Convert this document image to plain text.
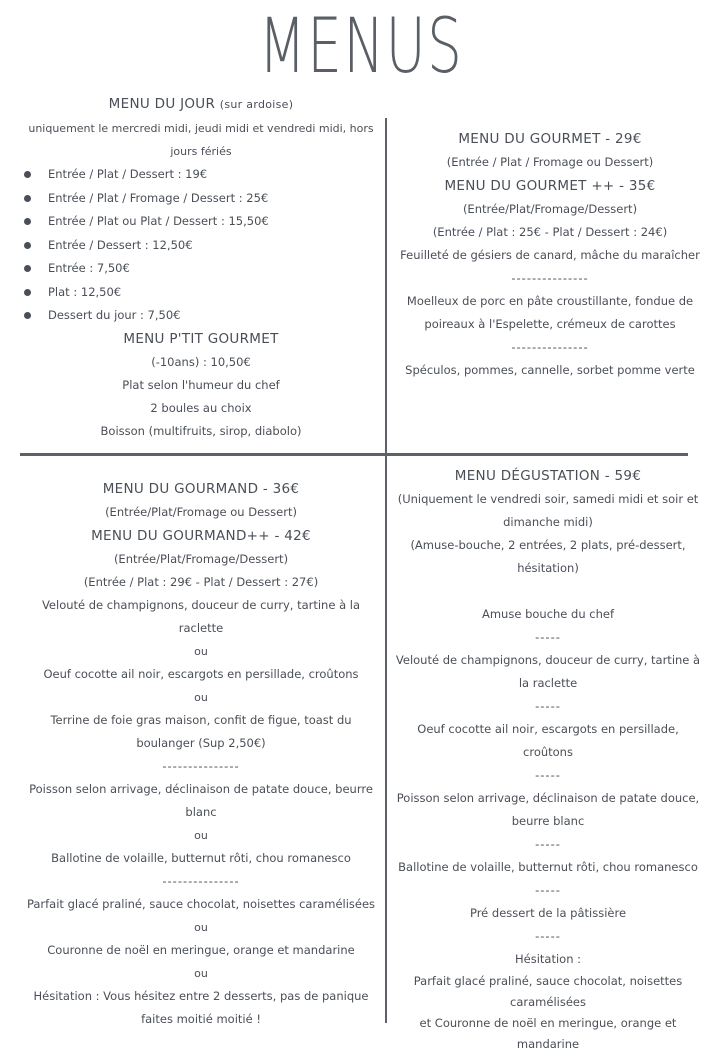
MENUS
MENU DU JOUR (sur ardoise)
uniquement le mercredi midi, jeudi midi et vendredi midi, hors jours fériés
Entrée / Plat / Dessert : 19€
Entrée / Plat / Fromage / Dessert : 25€
Entrée / Plat ou Plat / Dessert : 15,50€
Entrée / Dessert : 12,50€
Entrée : 7,50€
Plat : 12,50€
Dessert du jour : 7,50€
MENU P'TIT GOURMET
(-10ans) : 10,50€
Plat selon l'humeur du chef
2 boules au choix
Boisson (multifruits, sirop, diabolo)
MENU DU GOURMET - 29€
(Entrée / Plat / Fromage ou Dessert)
MENU DU GOURMET ++ - 35€
(Entrée/Plat/Fromage/Dessert)
(Entrée / Plat : 25€ - Plat / Dessert : 24€)
Feuilleté de gésiers de canard, mâche du maraîcher
---------------
Moelleux de porc en pâte croustillante, fondue de poireaux à l'Espelette, crémeux de carottes
---------------
Spéculos, pommes, cannelle, sorbet pomme verte
MENU DU GOURMAND - 36€
(Entrée/Plat/Fromage ou Dessert)
MENU DU GOURMAND++ - 42€
(Entrée/Plat/Fromage/Dessert)
(Entrée / Plat : 29€ - Plat / Dessert : 27€)
Velouté de champignons, douceur de curry, tartine à la raclette
ou
Oeuf cocotte ail noir, escargots en persillade, croûtons
ou
Terrine de foie gras maison, confit de figue, toast du boulanger (Sup 2,50€)
---------------
Poisson selon arrivage, déclinaison de patate douce, beurre blanc
ou
Ballotine de volaille, butternut rôti, chou romanesco
---------------
Parfait glacé praliné, sauce chocolat, noisettes caramélisées
ou
Couronne de noël en meringue, orange et mandarine
ou
Hésitation : Vous hésitez entre 2 desserts, pas de panique faites moitié moitié !
MENU DÉGUSTATION - 59€
(Uniquement le vendredi soir, samedi midi et soir et dimanche midi)
(Amuse-bouche, 2 entrées, 2 plats, pré-dessert, hésitation)
Amuse bouche du chef
-----
Velouté de champignons, douceur de curry, tartine à la raclette
-----
Oeuf cocotte ail noir, escargots en persillade, croûtons
-----
Poisson selon arrivage, déclinaison de patate douce, beurre blanc
-----
Ballotine de volaille, butternut rôti, chou romanesco
-----
Pré dessert de la pâtissière
-----
Hésitation :
Parfait glacé praliné, sauce chocolat, noisettes caramélisées
et Couronne de noël en meringue, orange et mandarine
